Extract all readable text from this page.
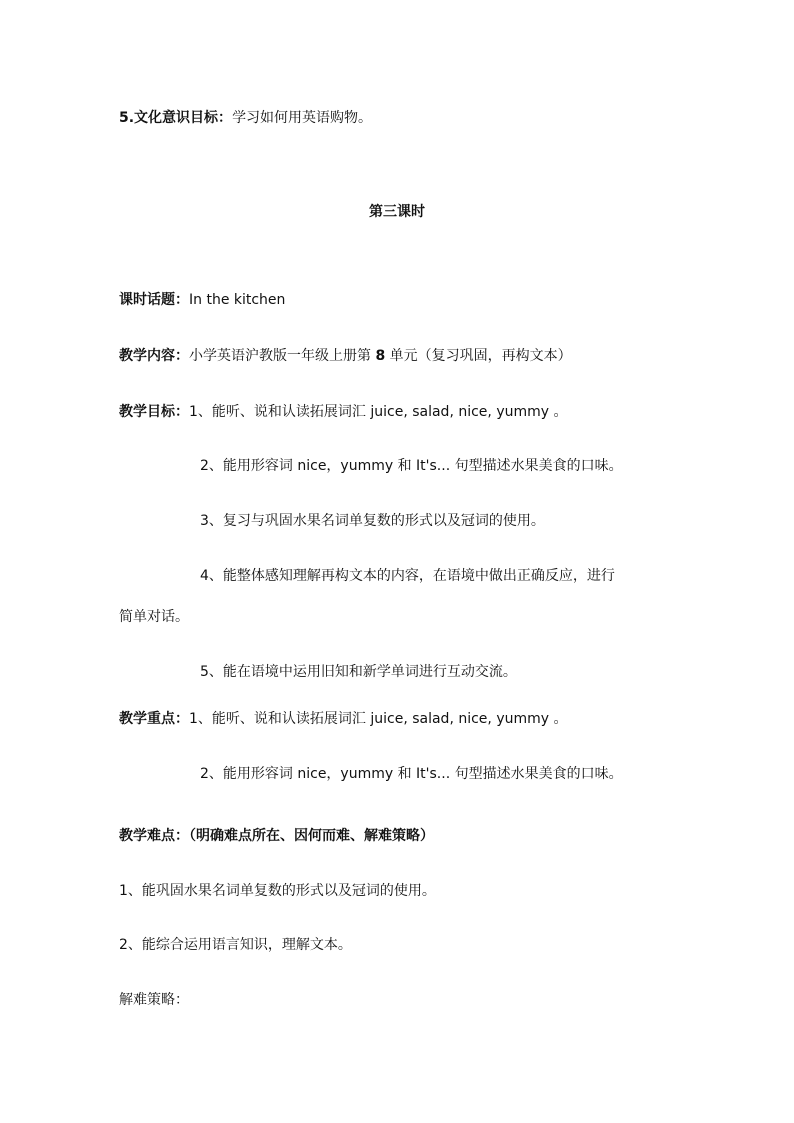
5.文化意识目标：学习如何用英语购物。
第三课时
课时话题：In the kitchen
教学内容：小学英语沪教版一年级上册第 8 单元（复习巩固，再构文本）
教学目标：1、能听、说和认读拓展词汇 juice, salad, nice, yummy 。
2、能用形容词 nice，yummy 和 It's... 句型描述水果美食的口味。
3、复习与巩固水果名词单复数的形式以及冠词的使用。
4、能整体感知理解再构文本的内容，在语境中做出正确反应，进行
简单对话。
5、能在语境中运用旧知和新学单词进行互动交流。
教学重点：1、能听、说和认读拓展词汇 juice, salad, nice, yummy 。
2、能用形容词 nice，yummy 和 It's... 句型描述水果美食的口味。
教学难点：（明确难点所在、因何而难、解难策略）
1、能巩固水果名词单复数的形式以及冠词的使用。
2、能综合运用语言知识，理解文本。
解难策略：
